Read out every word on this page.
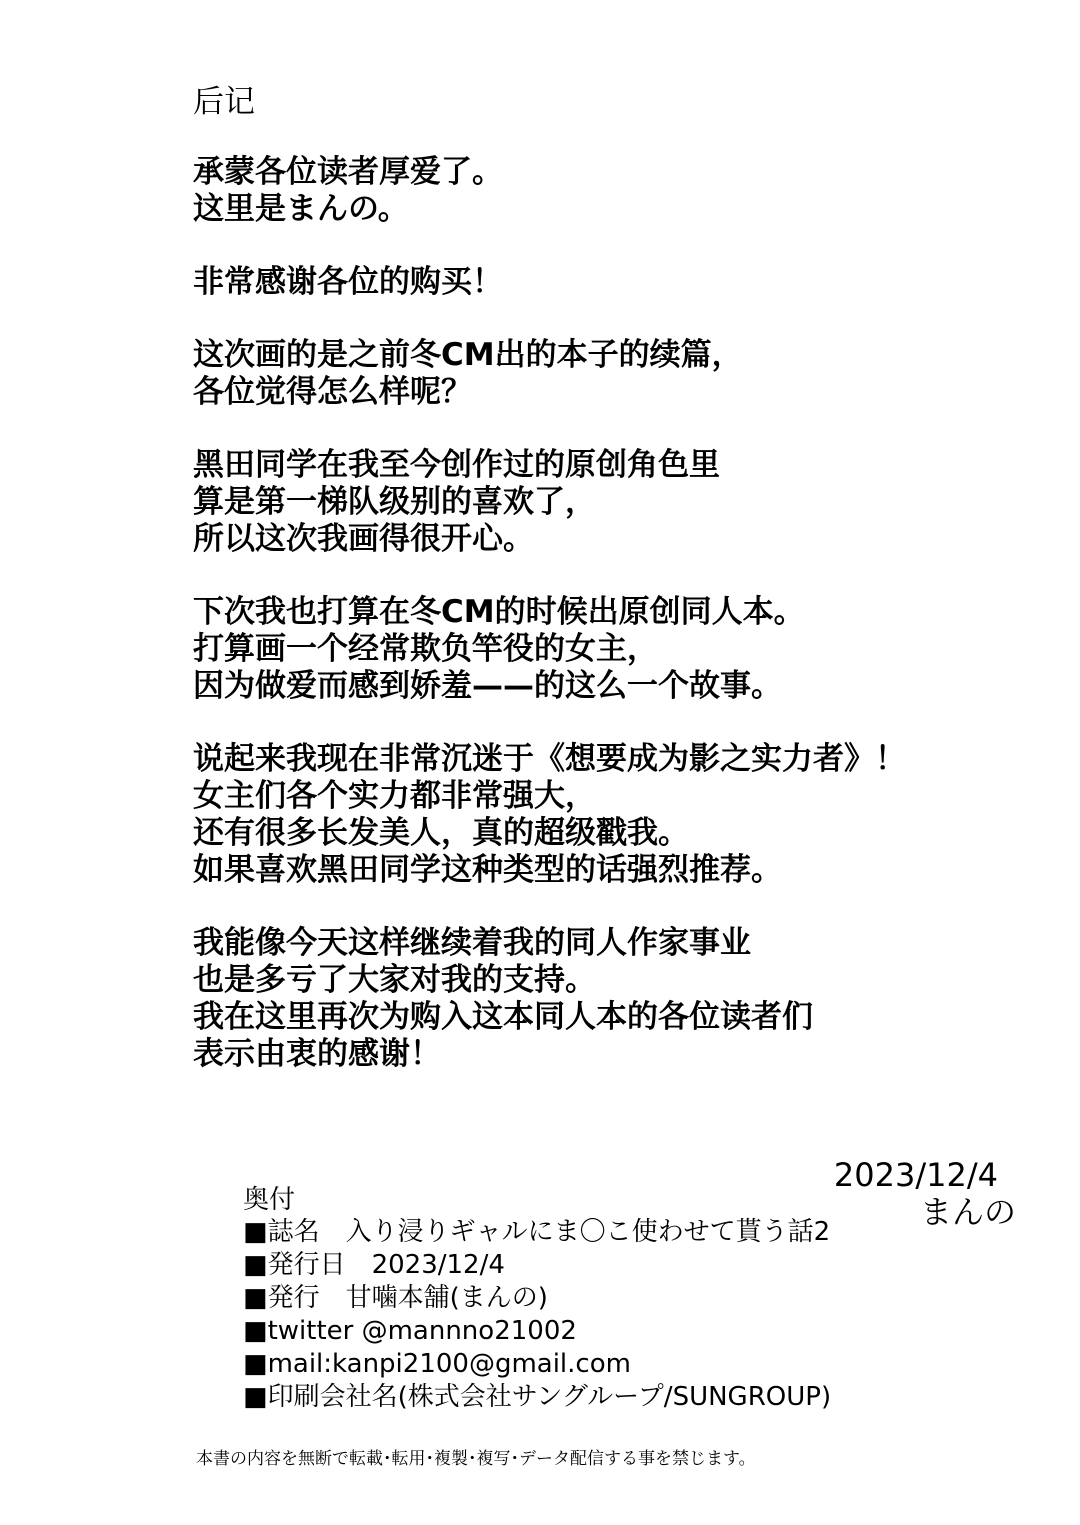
后记
承蒙各位读者厚爱了。
这里是まんの。
非常感谢各位的购买！
这次画的是之前冬CM出的本子的续篇，
各位觉得怎么样呢？
黑田同学在我至今创作过的原创角色里
算是第一梯队级别的喜欢了，
所以这次我画得很开心。
下次我也打算在冬CM的时候出原创同人本。
打算画一个经常欺负竿役的女主，
因为做爱而感到娇羞——的这么一个故事。
说起来我现在非常沉迷于《想要成为影之实力者》！
女主们各个实力都非常强大，
还有很多长发美人，真的超级戳我。
如果喜欢黑田同学这种类型的话强烈推荐。
我能像今天这样继续着我的同人作家事业
也是多亏了大家对我的支持。
我在这里再次为购入这本同人本的各位读者们
表示由衷的感谢！
2023/12/4
まんの
奥付
■誌名　入り浸りギャルにま〇こ使わせて貰う話2
■発行日　2023/12/4
■発行　甘噛本舗(まんの)
■twitter @mannno21002
■mail:kanpi2100@gmail.com
■印刷会社名(株式会社サングループ/SUNGROUP)
本書の内容を無断で転載･転用･複製･複写･データ配信する事を禁じます。
